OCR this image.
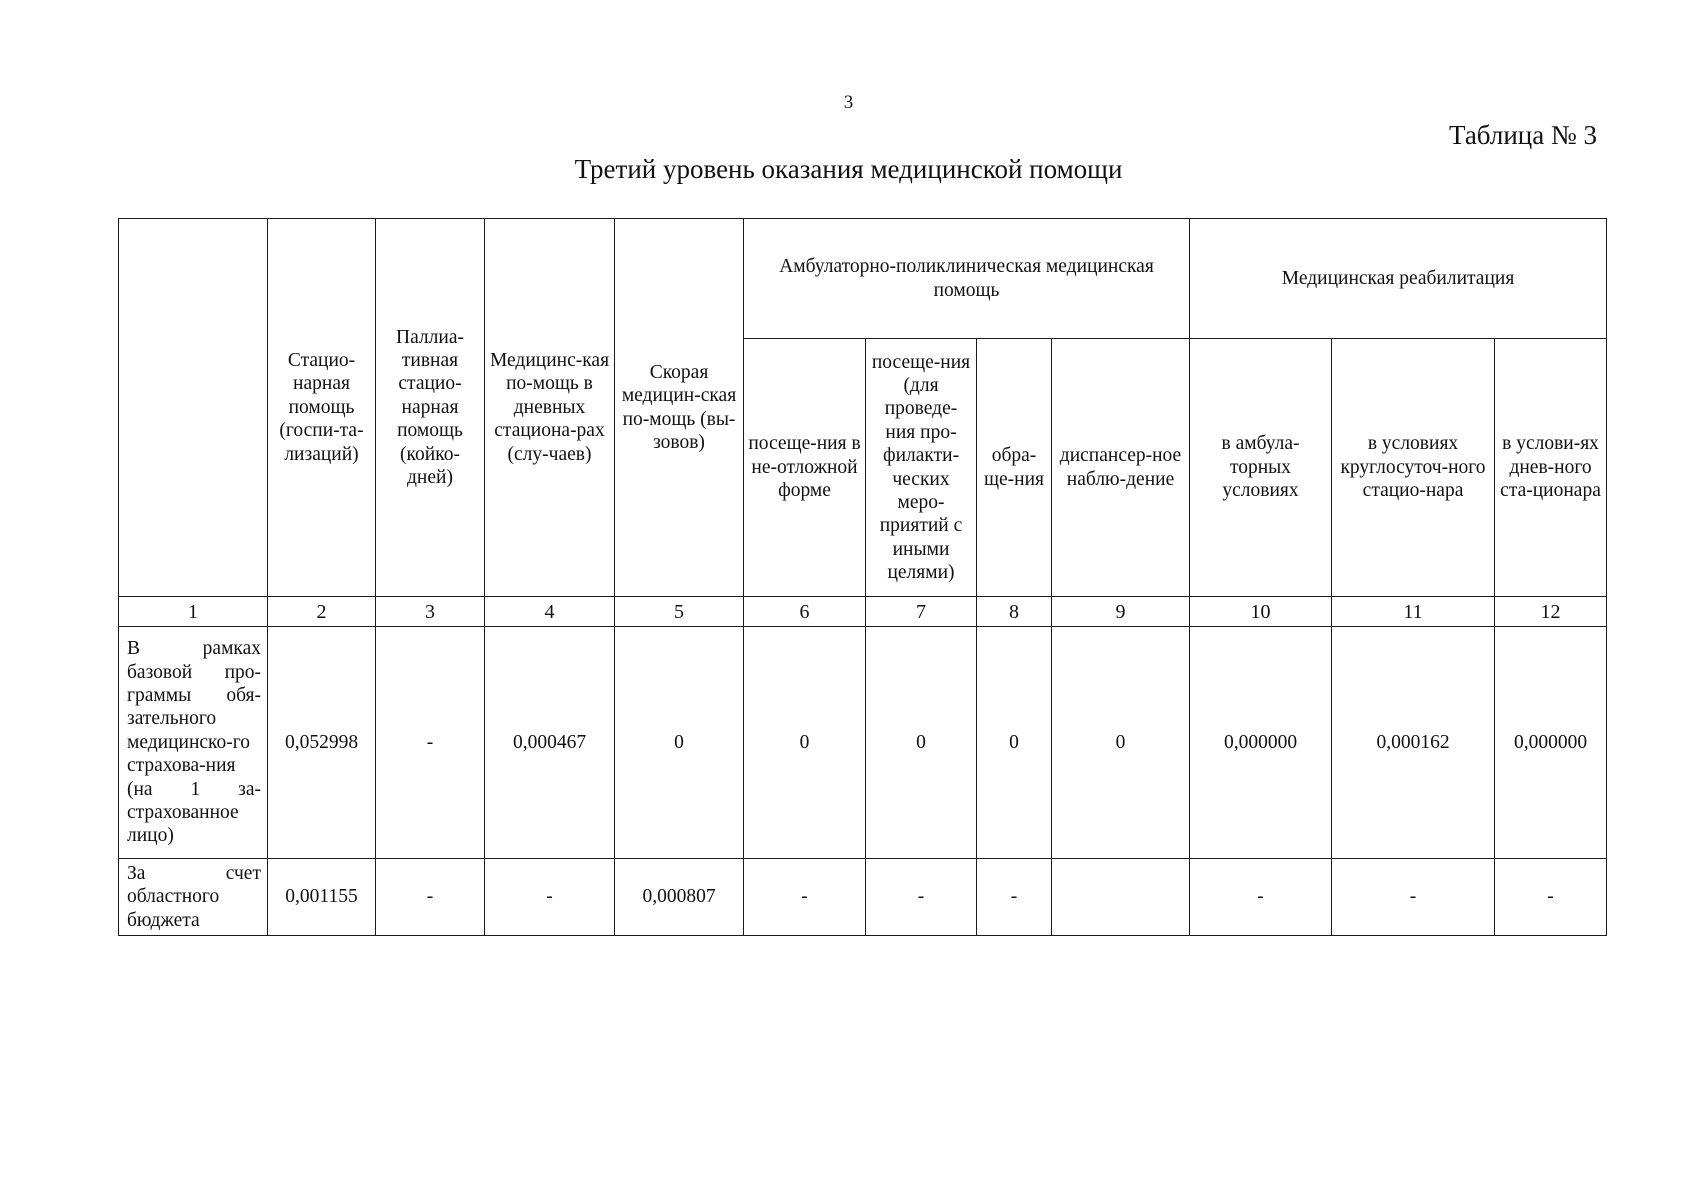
3
Таблица № 3
Третий уровень оказания медицинской помощи
	Стацио-нарная помощь (госпи-та-лизаций)	Паллиа-тивная стацио-нарная помощь (койко-дней)	Медицинс-кая по-мощь в дневных стациона-рах (слу-чаев)	Скорая медицин-ская по-мощь (вы-зовов)	Амбулаторно-поликлиническая медицинская помощь				Медицинская реабилитация		
					посеще-ния в не-отложной форме	посеще-ния (для проведе-ния про-филакти-ческих меро-приятий с иными целями)	обра-ще-ния	диспансер-ное наблю-дение	в амбула-торных условиях	в условиях круглосуточ-ного стацио-нара	в услови-ях днев-ного ста-ционара
1	2	3	4	5	6	7	8	9	10	11	12
В рамках базовой про-граммы обя-зательного медицинско-го страхова-ния (на 1 за-страхованное лицо)	0,052998	-	0,000467	0	0	0	0	0	0,000000	0,000162	0,000000
За счет областного бюджета	0,001155	-	-	0,000807	-	-	-		-	-	-
